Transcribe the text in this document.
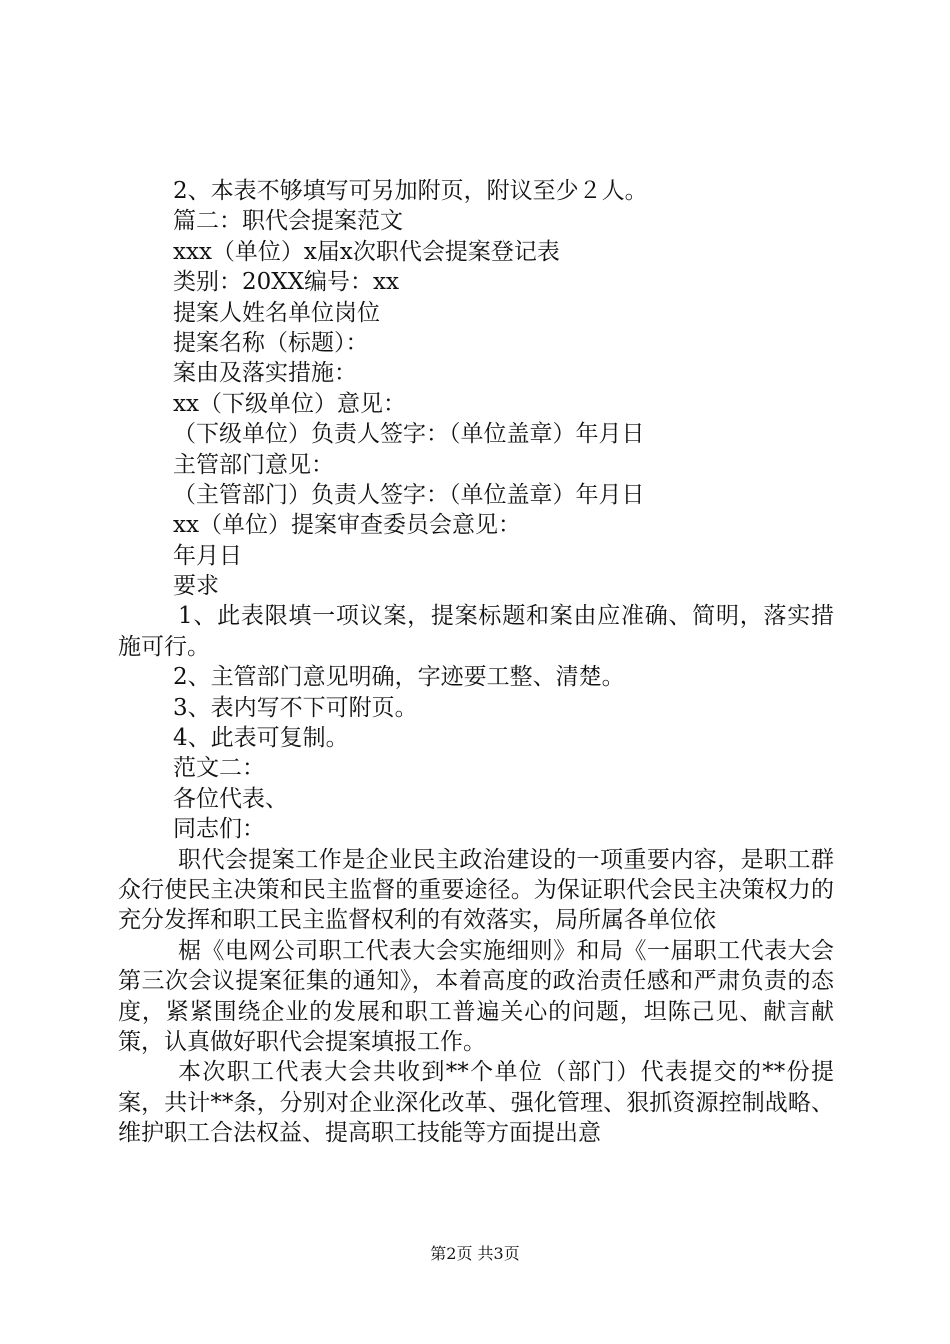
2、本表不够填写可另加附页，附议至少２人。
篇二：职代会提案范文
xxx（单位）x届x次职代会提案登记表
类别：20XX编号：xx
提案人姓名单位岗位
提案名称（标题）：
案由及落实措施：
xx（下级单位）意见：
（下级单位）负责人签字：（单位盖章）年月日
主管部门意见：
（主管部门）负责人签字：（单位盖章）年月日
xx（单位）提案审查委员会意见：
年月日
要求

1、此表限填一项议案，提案标题和案由应准确、简明，落实措施可行。

2、主管部门意见明确，字迹要工整、清楚。
3、表内写不下可附页。
4、此表可复制。
范文二：
各位代表、
同志们：

职代会提案工作是企业民主政治建设的一项重要内容，是职工群众行使民主决策和民主监督的重要途径。为保证职代会民主决策权力的充分发挥和职工民主监督权利的有效落实，局所属各单位依

椐《电网公司职工代表大会实施细则》和局《一届职工代表大会第三次会议提案征集的通知》，本着高度的政治责任感和严肃负责的态度，紧紧围绕企业的发展和职工普遍关心的问题，坦陈己见、献言献策，认真做好职代会提案填报工作。

本次职工代表大会共收到**个单位（部门）代表提交的**份提案，共计**条，分别对企业深化改革、强化管理、狠抓资源控制战略、维护职工合法权益、提高职工技能等方面提出意

第2页 共3页
